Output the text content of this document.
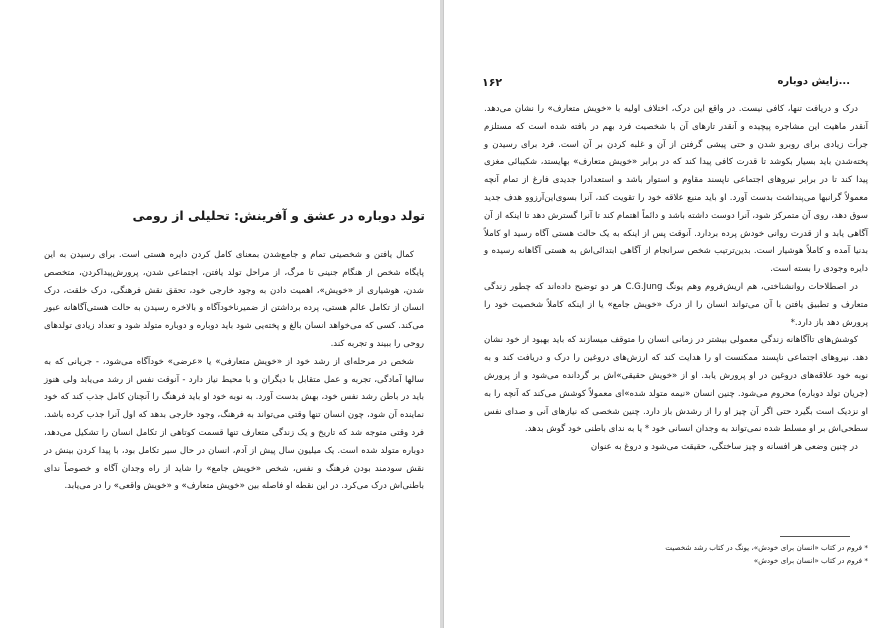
تولد دوباره در عشق و آفرینش: تحلیلی از رومی

کمال یافتن و شخصیتی تمام و جامع‌شدن بمعنای کامل کردن دایره هستی است. برای رسیدن به این پایگاه شخص از هنگام جنینی تا مرگ، از مراحل تولد یافتن، اجتماعی شدن، پرورش‌پیداکردن، متخصص شدن، هوشیاری از «خویش»، اهمیت دادن به وجود خارجی خود، تحقق نقش فرهنگی، درک خلقت، درک انسان از تکامل عالم هستی، پرده برداشتن از ضمیرناخودآگاه و بالاخره رسیدن به حالت هستی‌آگاهانه عبور می‌کند. کسی که می‌خواهد انسان بالغ و پخته‌یی شود باید دوباره و دوباره متولد شود و تعداد زیادی تولدهای روحی را ببیند و تجربه کند.

شخص در مرحله‌ای از رشد خود از «خویش متعارفی» یا «عرضی» خودآگاه می‌شود، - جریانی که به سالها آمادگی، تجربه و عمل متقابل با دیگران و با محیط نیاز دارد - آنوقت نفس از رشد می‌یابد ولی هنوز باید در باطن رشد نفس خود، بهش بدست آورد. به نوبه خود او باید فرهنگ را آنچنان کامل جذب کند که خود نماینده آن شود، چون انسان تنها وقتی می‌تواند به فرهنگ، وجود خارجی بدهد که اول آنرا جذب کرده باشد. فرد وقتی متوجه شد که تاریخ و یک زندگی متعارف تنها قسمت کوتاهی از تکامل انسان را تشکیل می‌دهد، دوباره متولد شده است. یک میلیون سال پیش از آدم، انسان در حال سیر تکامل بود، با پیدا کردن بینش در نقش سودمند بودن فرهنگ و نفس، شخص «خویش جامع» را شاید از راه وجدان آگاه و خصوصاً ندای باطنی‌اش درک می‌کرد. در این نقطه او فاصله بین «خویش متعارف» و «خویش واقعی» را در می‌یابد.

زایش دوباره...
۱۶۲

درک و دریافت تنها، کافی نیست. در واقع این درک، اختلاف اولیه با «خویش متعارف» را نشان می‌دهد. آنقدر ماهیت این مشاجره پیچیده و آنقدر تارهای آن با شخصیت فرد بهم در بافته شده است که مستلزم جرأت زیادی برای روبرو شدن و حتی پیشی گرفتن از آن و غلبه کردن بر آن است. فرد برای رسیدن و پخته‌شدن باید بسیار بکوشد تا قدرت کافی پیدا کند که در برابر «خویش متعارف» بهایستد، شکیبائی مغزی پیدا کند تا در برابر نیروهای اجتماعی ناپسند مقاوم و استوار باشد و استعدادرا جدیدی فارغ از تمام آنچه معمولاً گرانبها می‌پنداشت بدست آورد. او باید منبع علاقه خود را تقویت کند، آنرا بسوی‌این‌آرزوو هدف جدید سوق دهد، روی آن متمرکز شود، آنرا دوست داشته باشد و دائماً اهتمام کند تا آنرا گسترش دهد تا اینکه از آن آگاهی یابد و از قدرت روانی خودش پرده بردارد. آنوقت پس از اینکه به یک حالت هستی آگاه رسید او کاملاً بدنیا آمده و کاملاً هوشیار است. بدین‌ترتیب شخص سرانجام از آگاهی ابتدائی‌اش به هستی آگاهانه رسیده و دایره وجودی را بسته است.

در اصطلاحات روانشناختی، هم اریش‌فروم وهم یونگ C.G.Jung هر دو توضیح داده‌اند که چطور زندگی متعارف و تطبیق یافتن با آن می‌تواند انسان را از درک «خویش جامع» یا از اینکه کاملاً شخصیت خود را پرورش دهد باز دارد.*

کوشش‌های تا‌آگاهانه زندگی معمولی بیشتر در زمانی انسان را متوقف میسازند که باید بهبود از خود نشان دهد. نیروهای اجتماعی ناپسند ممکنست او را هدایت کند که ارزش‌های دروغین را درک و دریافت کند و به نوبه خود علاقه‌های دروغین در او پرورش یابد. او از «خویش حقیقی»اش بر گردانده می‌شود و از پرورش (جریان تولد دوباره) محروم می‌شود. چنین انسان «نیمه متولد شده»ای معمولاً کوشش می‌کند که آنچه را به او نزدیک است بگیرد حتی اگر آن چیز او را از رشدش باز دارد. چنین شخصی که نیازهای آنی و صدای نفس سطحی‌اش بر او مسلط شده نمی‌تواند به وجدان انسانی خود * یا به ندای باطنی خود گوش بدهد.

در چنین وضعی هر افسانه و چیز ساختگی، حقیقت می‌شود و دروغ به عنوان

* فروم در کتاب «انسان برای خودش»، یونگ در کتاب رشد شخصیت
* فروم در کتاب «انسان برای خودش»
